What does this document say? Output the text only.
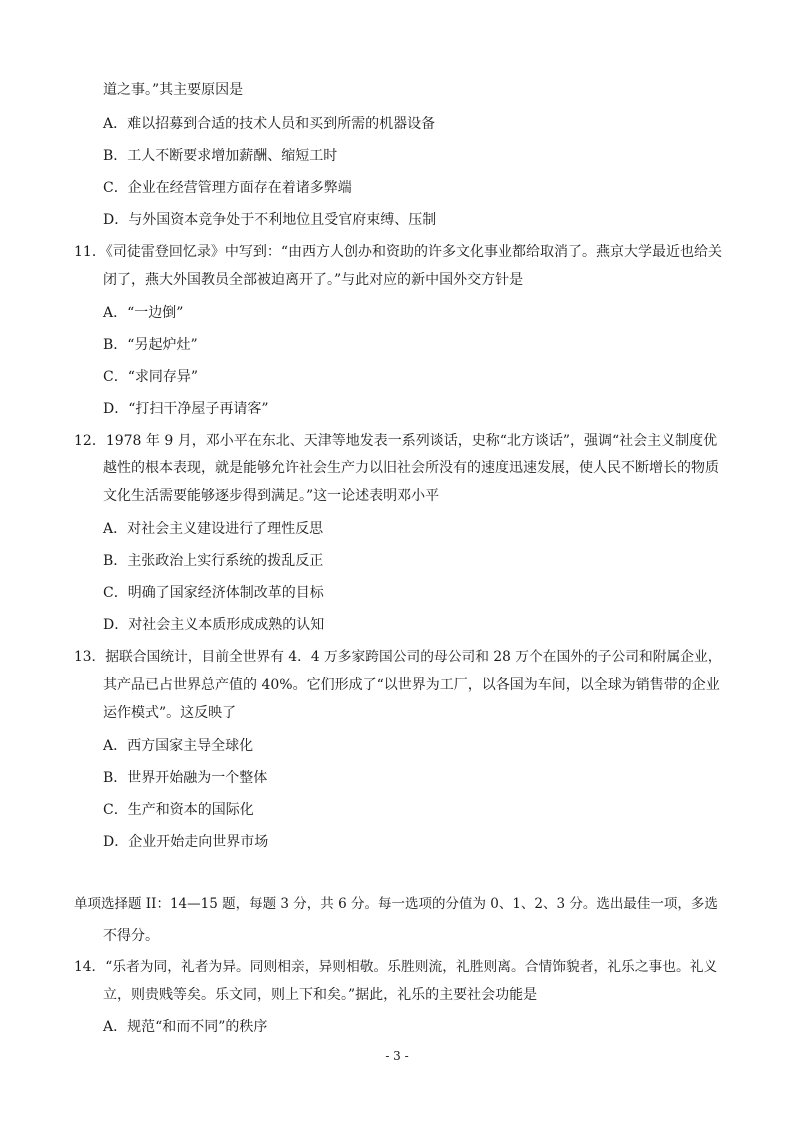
道之事。”其主要原因是
A．难以招募到合适的技术人员和买到所需的机器设备
B．工人不断要求增加薪酬、缩短工时
C．企业在经营管理方面存在着诸多弊端
D．与外国资本竞争处于不利地位且受官府束缚、压制
11．《司徒雷登回忆录》中写到：“由西方人创办和资助的许多文化事业都给取消了。燕京大学最近也给关
闭了，燕大外国教员全部被迫离开了。”与此对应的新中国外交方针是
A．“一边倒”
B．“另起炉灶”
C．“求同存异”
D．“打扫干净屋子再请客”
12．1978 年 9 月，邓小平在东北、天津等地发表一系列谈话，史称“北方谈话”，强调“社会主义制度优
越性的根本表现，就是能够允许社会生产力以旧社会所没有的速度迅速发展，使人民不断增长的物质
文化生活需要能够逐步得到满足。”这一论述表明邓小平
A．对社会主义建设进行了理性反思
B．主张政治上实行系统的拨乱反正
C．明确了国家经济体制改革的目标
D．对社会主义本质形成成熟的认知
13．据联合国统计，目前全世界有 4．4 万多家跨国公司的母公司和 28 万个在国外的子公司和附属企业，
其产品已占世界总产值的 40%。它们形成了“以世界为工厂，以各国为车间，以全球为销售带的企业
运作模式”。这反映了
A．西方国家主导全球化
B．世界开始融为一个整体
C．生产和资本的国际化
D．企业开始走向世界市场
单项选择题 II：14—15 题，每题 3 分，共 6 分。每一选项的分值为 0、1、2、3 分。选出最佳一项，多选
不得分。
14．“乐者为同，礼者为异。同则相亲，异则相敬。乐胜则流，礼胜则离。合情饰貌者，礼乐之事也。礼义
立，则贵贱等矣。乐文同，则上下和矣。”据此，礼乐的主要社会功能是
A．规范“和而不同”的秩序
- 3 -
